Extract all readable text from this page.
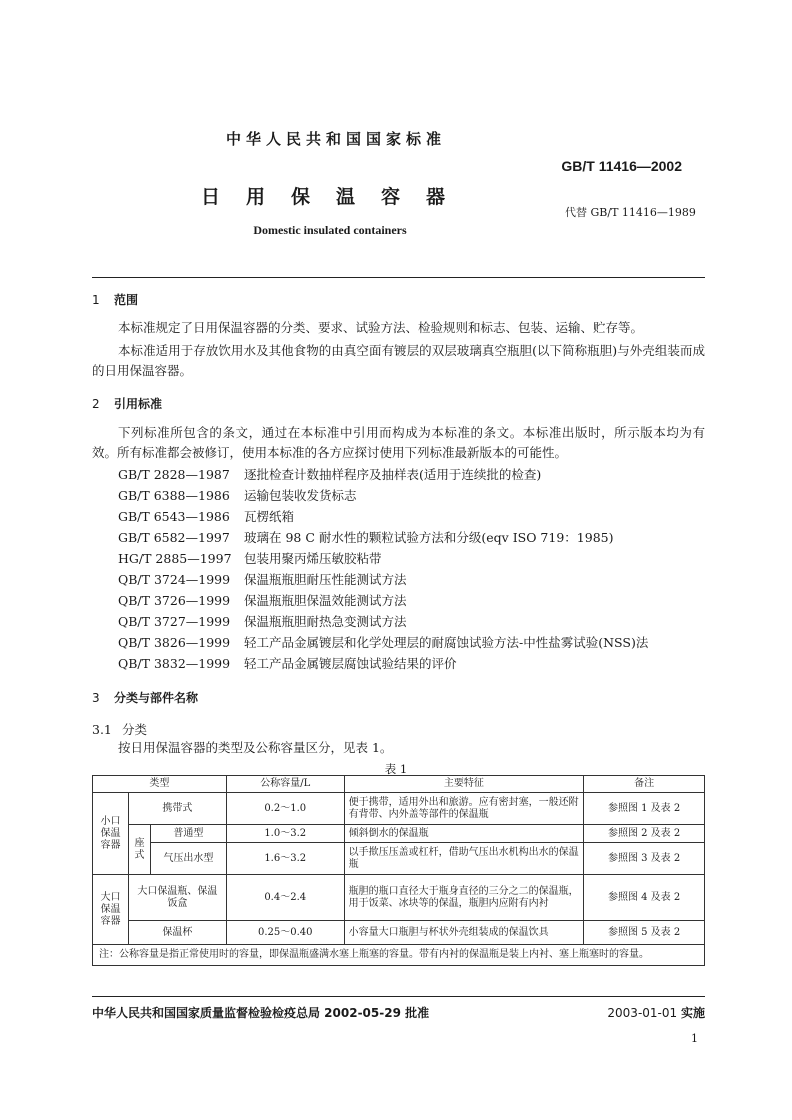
中华人民共和国国家标准
GB/T 11416—2002
日用保温容器
代替 GB/T 11416—1989
Domestic insulated containers
1 范围
本标准规定了日用保温容器的分类、要求、试验方法、检验规则和标志、包装、运输、贮存等。
本标准适用于存放饮用水及其他食物的由真空面有镀层的双层玻璃真空瓶胆(以下简称瓶胆)与外壳组装而成的日用保温容器。
2 引用标准
下列标准所包含的条文，通过在本标准中引用而构成为本标准的条文。本标准出版时，所示版本均为有效。所有标准都会被修订，使用本标准的各方应探讨使用下列标准最新版本的可能性。
GB/T 2828—1987 逐批检查计数抽样程序及抽样表(适用于连续批的检查)
GB/T 6388—1986 运输包装收发货标志
GB/T 6543—1986 瓦楞纸箱
GB/T 6582—1997 玻璃在 98 C 耐水性的颗粒试验方法和分级(eqv ISO 719：1985)
HG/T 2885—1997 包装用聚丙烯压敏胶粘带
QB/T 3724—1999 保温瓶瓶胆耐压性能测试方法
QB/T 3726—1999 保温瓶瓶胆保温效能测试方法
QB/T 3727—1999 保温瓶瓶胆耐热急变测试方法
QB/T 3826—1999 轻工产品金属镀层和化学处理层的耐腐蚀试验方法-中性盐雾试验(NSS)法
QB/T 3832—1999 轻工产品金属镀层腐蚀试验结果的评价
3 分类与部件名称
3.1 分类
按日用保温容器的类型及公称容量区分，见表 1。
表 1
类型			公称容量/L	主要特征	备注
小口保温容器	携带式		0.2～1.0	便于携带，适用外出和旅游。应有密封塞，一般还附有背带、内外盖等部件的保温瓶	参照图 1 及表 2
	座式	普通型	1.0～3.2	倾斜倒水的保温瓶	参照图 2 及表 2
		气压出水型	1.6～3.2	以手揿压压盖或杠杆，借助气压出水机构出水的保温瓶	参照图 3 及表 2
大口保温容器	大口保温瓶、保温饭盒		0.4～2.4	瓶胆的瓶口直径大于瓶身直径的三分之二的保温瓶，用于饭菜、冰块等的保温，瓶胆内应附有内衬	参照图 4 及表 2
	保温杯		0.25～0.40	小容量大口瓶胆与杯状外壳组装成的保温饮具	参照图 5 及表 2
注：公称容量是指正常使用时的容量，即保温瓶盛满水塞上瓶塞的容量。带有内衬的保温瓶是装上内衬、塞上瓶塞时的容量。					
中华人民共和国国家质量监督检验检疫总局 2002-05-29 批准	2003-01-01 实施
1
